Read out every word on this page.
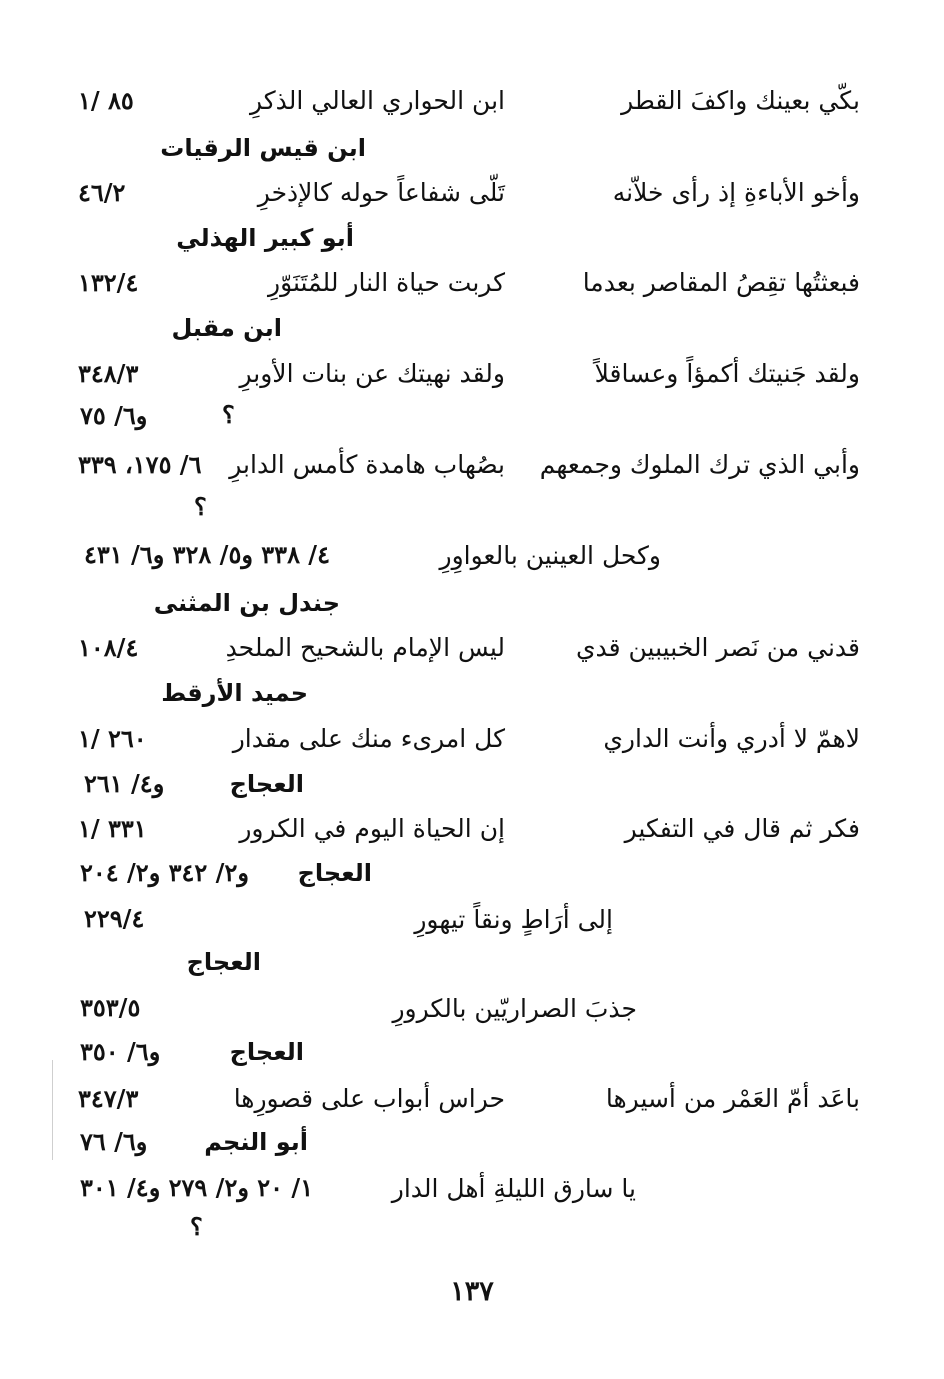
بكّي بعينك واكفَ القطر
ابن الحواري العالي الذكرِ
٨٥ /١
ابن قيس الرقيات
وأخو الأباءةِ إذ رأى خلاّنه
تَلّى شفاعاً حوله كالإذخرِ
٤٦/٢
أبو كبير الهذلي
فبعثتُها تقِصُ المقاصر بعدما
كربت حياة النار للمُتَنَوّرِ
١٣٢/٤
ابن مقبل
ولقد جَنيتك أكمؤاً وعساقلاً
ولقد نهيتك عن بنات الأوبرِ
٣٤٨/٣
و٦/ ٧٥	؟
وأبي الذي ترك الملوك وجمعهم
بصُهاب هامدة كأمس الدابرِ
٦/ ١٧٥، ٣٣٩
؟
وكحل العينين بالعواوِرِ
٤/ ٣٣٨ و٥/ ٣٢٨ و٦/ ٤٣١
جندل بن المثنى
قدني من نَصر الخبيبين قدي
ليس الإمام بالشحيح الملحدِ
١٠٨/٤
حميد الأرقط
لاهمّ لا أدري وأنت الداري
كل امرىء منك على مقدار
٢٦٠ /١
العجاج
و٤/ ٢٦١
فكر ثم قال في التفكير
إن الحياة اليوم في الكرور
٣٣١ /١
العجاج
و٢/ ٣٤٢ و٢/ ٢٠٤
إلى أرَاطٍ ونقاً تيهورِ
٢٢٩/٤
العجاج
جذبَ الصراريّين بالكرورِ
٣٥٣/٥
العجاج
و٦/ ٣٥٠
باعَد أمّ العَمْر من أسيرها
حراس أبواب على قصورِها
٣٤٧/٣
أبو النجم
و٦/ ٧٦
يا سارق الليلةِ أهل الدار
١/ ٢٠ و٢/ ٢٧٩ و٤/ ٣٠١
؟
١٣٧
